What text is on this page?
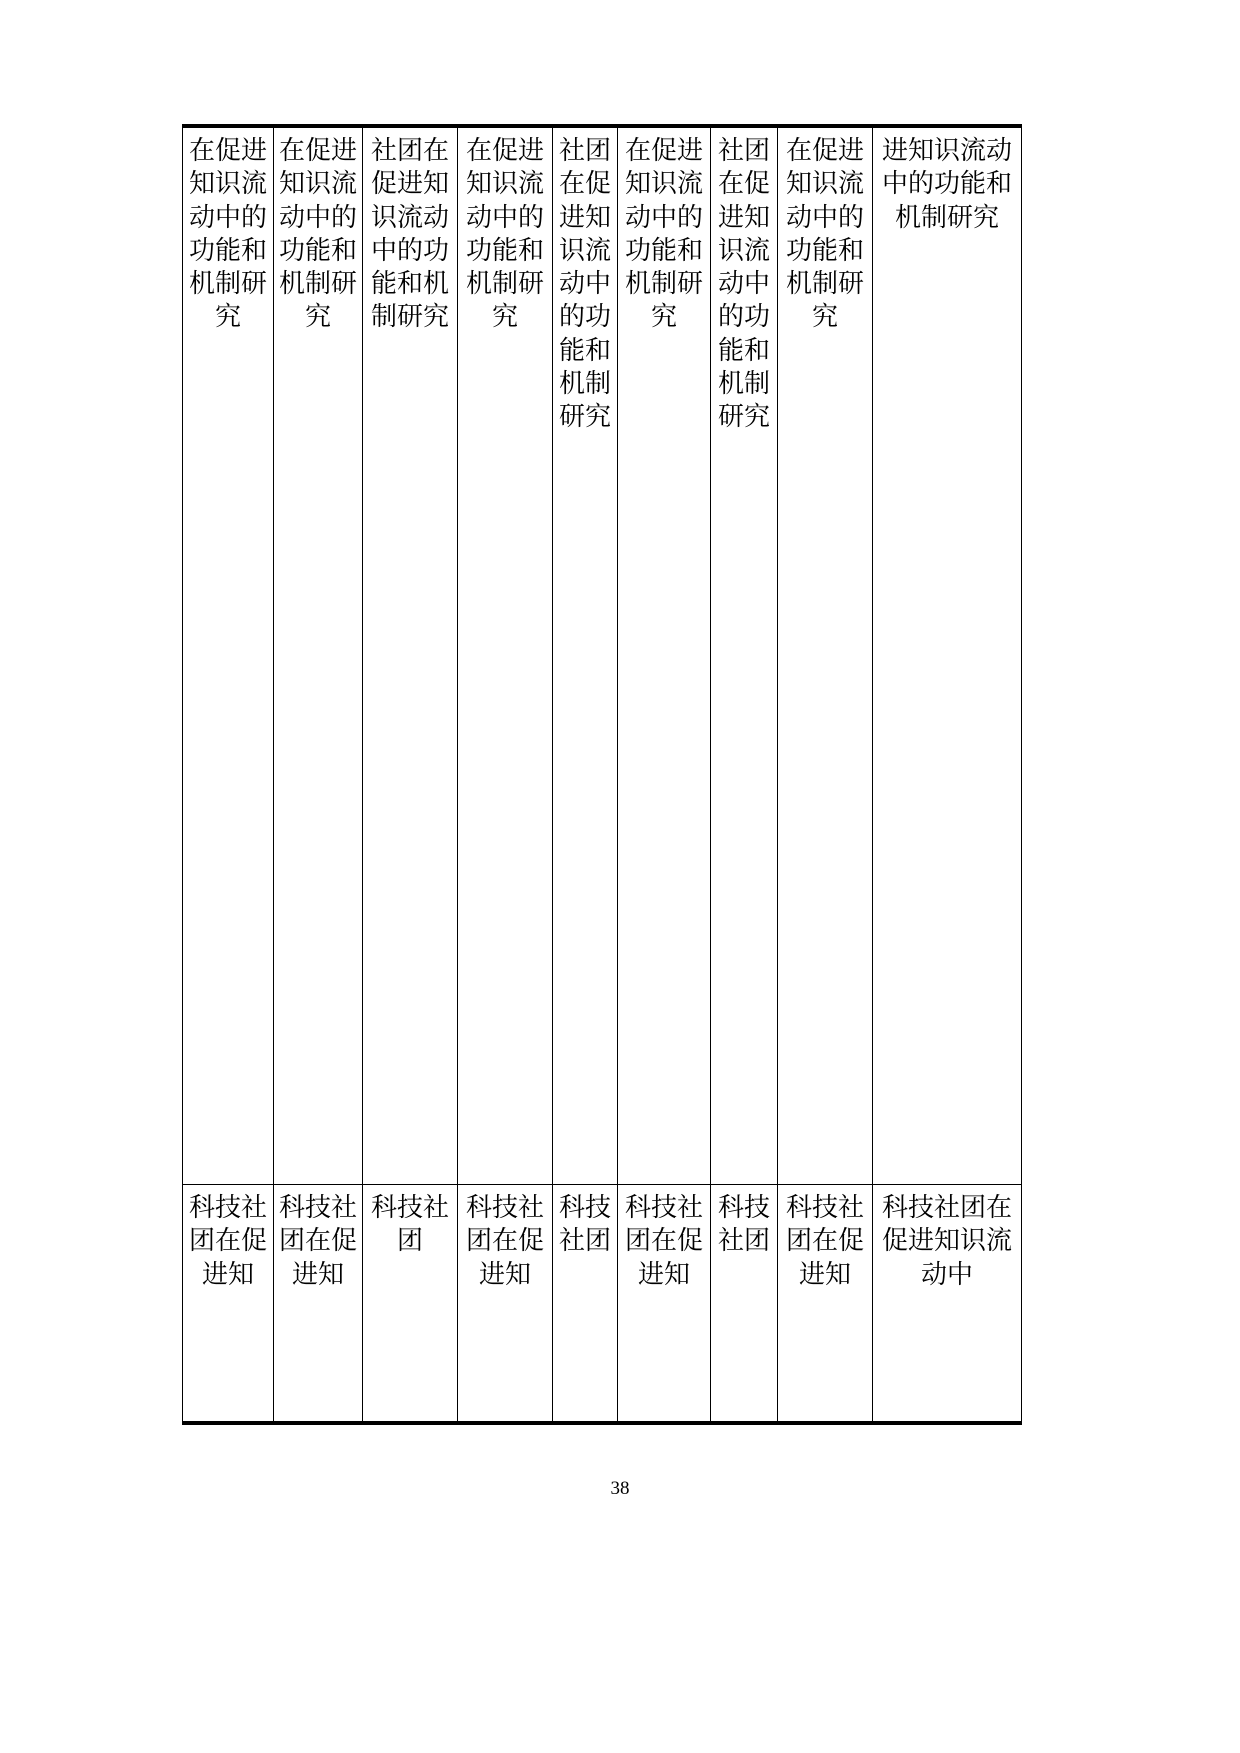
在促进知识流动中的功能和机制研究	在促进知识流动中的功能和机制研究	社团在促进知识流动中的功能和机制研究	在促进知识流动中的功能和机制研究	社团在促进知识流动中的功能和机制研究	在促进知识流动中的功能和机制研究	社团在促进知识流动中的功能和机制研究	在促进知识流动中的功能和机制研究	进知识流动中的功能和机制研究

科技社团在促进知	科技社团在促进知	科技社团	科技社团在促进知	科技社团	科技社团在促进知	科技社团	科技社团在促进知	科技社团在促进知识流动中
38
